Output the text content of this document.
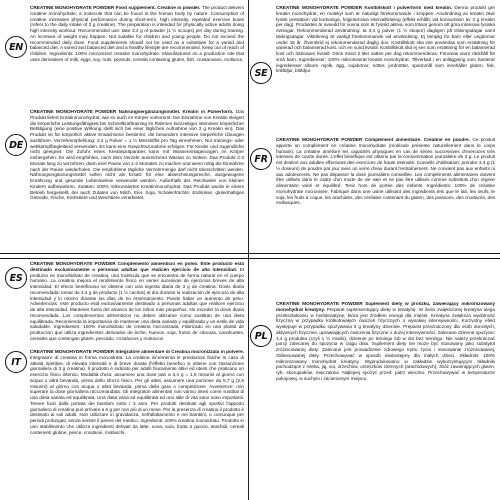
EN
DE
SE
FR
ES
IT
PL
CREATINE MONOHYDRATE POWDER Food supplement. Creatine in powder. The product delivers creatine monohydrate, a molecule that can be found in the human body by nature. Consumption of creatine increases physical performance during short-term, high intensity, repeated exercise bouts (refers to the daily intake of 3 g creatine). The preparation is intended for physically active adults doing high intensity workout. Recommended use: take 3.4 g of powder (1 ½ scoops) per day during training. An increase of weight may happen. Not suitable for children and young people. Do not exceed the recommended daily dose. Food supplements should not be used as a substitute for a varied and balanced diet. A varied and balanced diet and a healthy lifestyle are recommended. Keep out of reach of children. Ingredients: 100% micronized creatine monohydrate. Manufactured on a production site that uses derivatives of milk, eggs, soy, nuts, peanuts, cereals containing gluten, fish, crustaceans, molluscs.
CREATINE MONOHYDRATE POWDER Nahrungsergänzungsmittel. Kreatin in Pulverform. Das Produkt liefert Kreatinmonohydrat, wie es auch im Körper vorkommt. Die Einnahme von Kreatin steigert die körperliche Leistungsfähigkeit bei Schnellkrafttraining im Rahmen kurzzeitiger intensiver körperlicher Betätigung (eine positive Wirkung stellt sich bei einer täglichen Aufnahme von 3 g Kreatin ein). Das Produkt ist für körperlich aktive Erwachsene bestimmt, die besonders intensive körperliche Übungen ausführen. Verzehrempfehlung: 3,4 g Pulver = 1 ½ Messlöffel pro Tag einnehmen. Nur trainings- oder wettkampfbegleitend verwenden. Es kann eine Gewichtszunahme erfolgen. Für Kinder und Jugendliche nicht geeignet. Die Zufuhr eines Kreatinpräparates kann mit Wassereinlagerungen im Körper einhergehen. Es wird empfohlen, nach dem Verzehr ausreichend Wasser zu trinken. Das Produkt 2-3 Monate lang zu verzehren, dann eine Pause von 1-2 Monaten zu machen und wenn nötig die Einnahme nach der Pause wiederholen. Die empfohlene tägliche Verzehrmenge darf nicht überschritten werden. Nahrungsergänzungsmittel sollen nicht als Ersatz für eine abwechslungsreiche, ausgewogene Ernährung und gesunde Lebensweise verwendet werden. Außerhalb der Reichweite von kleinen Kindern aufbewahren. Zutaten: 100% mikronisiertes Kreatinmonohydrat. Das Produkt wurde in einem Betrieb hergestellt, der auch Zutaten von Milch, Eier, Soja, Schalenfrüchte, Erdnüsse, glutenhaltiges Getreide, Fische, Krebstiere und Weichtiere verarbeitet.
CREATINE MONOHYDRATE POWDER Kosttillskott i pulverform med kreatin. Denna produkt ger kreatin monohydrat, en molekyl som är naturligt förekommande i kroppen. Användning av kreatin ökar fysisk prestation vid kortvariga, högintensiva intervallträning (effekt erhålls vid konsumtion av 3 g kreatin per dag). Produkten är avsedd för vuxna som är fysiskt aktiva, som tränar genom att göra intensiva fysiska övningar. Rekommenderad användning: ta 3,4 g pulver (1 ½ skopor) dagligen på träningsdagar samt tävlingsdagar. Viktökning är vanligt förekommande vid användning. Ej lämplig för barn eller ungdomar under 15 år. Överskrid ej rekommenderad daglig dos. Kosttillskott ska inte användas som ersättning för varierad och balanserad kost, och en sund livsstil. Kosttillskott ska ej ses som ersättning för en balanserad kost och hälsosam livsstil. Drick minst 2 liter vatten per dag rekommenderas. Förvaras utom räckhåll för små barn. Ingredienser: 100% mikroniserat kreatin monohydrat. Tillverkad i en anläggning som hanterar ingredienser såsom mjölk, ägg, sojabönor, nötter, jordnötter, spannmål som innehåller gluten, fisk, kräftdjur, blötdjur.
CREATINE MONOHYDRATE POWDER Complément alimentaire. Créatine en poudre. Ce produit apporte un complément en créatine monohydrate (molécule présente naturellement dans le corps humain). La créatine améliore les capacités physiques en cas de séries successives d'exercices très intenses de courte durée. L'effet bénéfique est obtenu par la consommation journalière de 3 g. Le produit est destiné aux adultes effectuant des exercices de haute intensité. Conseils d'utilisation: prendre 3,4 g (1 ½ doseurs) de poudre par jour avec un verre d'eau durant l'entraînement. Ne convient pas aux enfants ni aux adolescents. Ne pas dépasser la dose journalière conseillée. Les compléments alimentaires doivent être utilisés dans le cadre d'un mode de vie sain et ne pas être utilisés comme substituts d'un régime alimentaire varié et équilibré. Tenir hors de portée des enfants. Ingrédients: 100% de créatine monohydrate micronisée. Fabriqué dans une usine utilisant des ingrédients tels que le lait, les œufs, le soja, les fruits à coque, les arachides, des céréales contenant du gluten, des poissons, des crustacés, des mollusques.
CREATINE MONOHYDRATE POWDER Complemento alimenticio en polvo. Este producto está destinado exclusivamente a personas adultas que realicen ejercicio de alta intensidad. El producto es monohidrato de creatina, una molécula que se encuentra de forma natural en el cuerpo humano. La creatina mejora el rendimiento físico en series sucesivas de ejercicios breves de alta intensidad. El efecto beneficioso se obtiene con una ingesta diaria de 3 g de creatina. Dosis diaria recomendada: tomar de 3,4 g de producto (1 ½ cacitos) al día durante la realización de ejercicio de alta intensidad y lo mismo durante los días de no entrenamiento. Puede haber un aumento de peso. Advertencias: este producto está exclusivamente destinado a personas adultas que realicen ejercicio de alta intensidad. Mantener fuera del alcance de los niños más pequeños. No exceder la dosis diaria recomendada. Los complementos alimenticios no deben utilizarse como sustituto de una dieta equilibrada. Recomienda la importancia de mantener una dieta variada y equilibrada y un estilo de vida saludable. Ingredientes: 100% monohidrato de creatina micronizada. Fabricado en una planta de producción que utiliza ingredientes derivados de leche, huevos, soja, frutos de cáscara, cacahuetes, cereales que contengan gluten, pescado, crustáceos y moluscos.
CREATINE MONOHYDRATE POWDER Integratore alimentare di Creatina micronizzata in polvere. Integratore di creatina in forma monoidrata. La creatina incrementa le prestazioni fisiche in caso di attività ripetitive, di elevata intensità e di breve durata (l'effetto benefico si ottiene con l'assunzione giornaliera di 3 g creatina). Il prodotto è indicato per adulti fisicamente attivi ed utenti che praticano un esercizio fisico intenso. Modalità d'uso: assumere una dose pari a 3,4 g = 1,5 misurini al giorno con acqua o altra bevanda, prima dello sforzo fisico. Per gli atleti, assumere una porzione da 5,7 g (2,5 misurini) al giorno con acqua o altra bevanda, prima della gara o competizione. Avvertenze: non superare la dose giornaliera raccomandata. Gli integratori alimentari non vanno intesi come sostituti di una dieta variata ed equilibrata. Una dieta varia ed equilibrata ed uno stile di vita sano sono importanti. Tenere fuori dalla portata dei bambini sotto i 3 anni. Per prodotti destinati agli sportivi l'apporto giornaliero di creatina può arrivare a 6 g per non più di un mese. Per la presenza di creatina il prodotto è destinato ai soli adulti. Non utilizzare in gravidanza, nell'allattamento e nei bambini, o comunque per periodi prolungati, senza sentire il parere del medico. Ingredienti: 100% creatina monoidrato. Prodotto in uno stabilimento che utilizza ingredienti derivati da latte, uova, soia, frutta a guscio, arachidi, cereali contenenti glutine, pesce, crostacei, molluschi.
CREATINE MONOHYDRATE POWDER Suplement diety w proszku, zawierający mikronizowany monohydrat kreatyny. Preparat suplementujący dietę w kreatynę. W ilości zwiększonej kreatyna ulega przekształceniu w fosfokreatynę, która jest źródłem energii dla mięśni. Kreatyna zwiększa wydolność fizyczną w przypadku krótkotrwałych ćwiczeń fizycznych o wysokiej intensywności. Korzystny efekt występuje w przypadku spożywania 3 g kreatyny dziennie. Preparat przeznaczony dla osób dorosłych, aktywnych fizycznie, uprawiających ćwiczenia fizyczne o dużej intensywności. Zalecane dzienne spożycie: 3,4 g produktu (czyli 1 ½ miarki), dziennie po treningu lub w dni bez treningu. Nie należy przekraczać porcji zalecanej do spożycia w ciągu dnia. Suplement diety nie może być stosowany jako substytut zróżnicowanej diety. Zalecane jest prowadzenie zdrowego trybu życia i stosowanie zróżnicowanej, zbilansowanej diety. Przechowywać w sposób niedostępny dla małych dzieci. Składniki: 100% mikronizowany monohydrat kreatyny. Wyprodukowano w zakładzie wykorzystującym składniki pochodzące z mleka, jaj, soi, orzechów, orzeszków ziemnych (arachidowych), zbóż zawierających gluten, ryb, skorupiaków, mięczaków. Najlepiej spożyć przed: patrz wieczko. Przechowywać w temperaturze pokojowej, w suchym i zacienionym miejscu.
